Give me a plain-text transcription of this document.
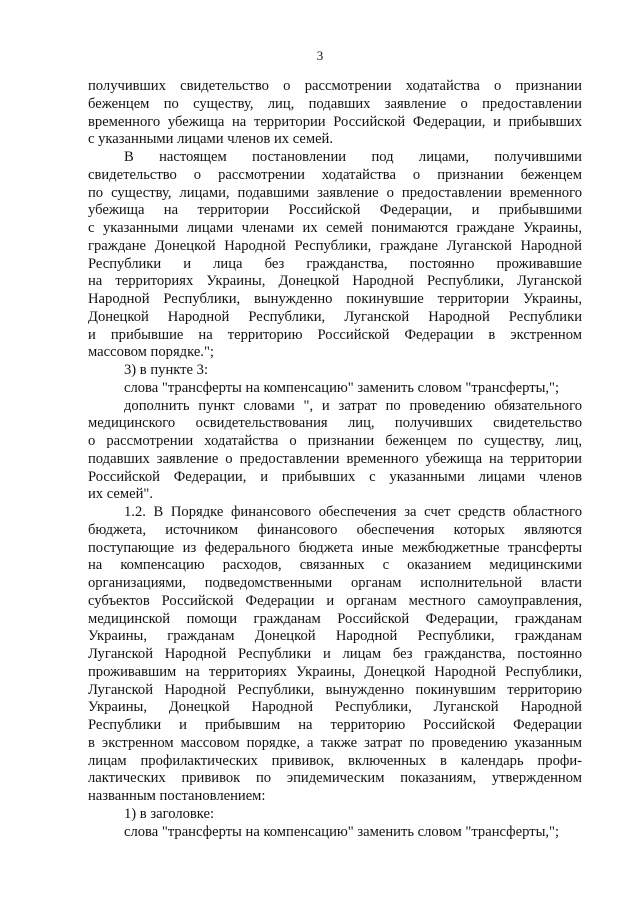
3
получивших свидетельство о рассмотрении ходатайства о признании
беженцем по существу, лиц, подавших заявление о предоставлении
временного убежища на территории Российской Федерации, и прибывших
с указанными лицами членов их семей.
В настоящем постановлении под лицами, получившими
свидетельство о рассмотрении ходатайства о признании беженцем
по существу, лицами, подавшими заявление о предоставлении временного
убежища на территории Российской Федерации, и прибывшими
с указанными лицами членами их семей понимаются граждане Украины,
граждане Донецкой Народной Республики, граждане Луганской Народной
Республики и лица без гражданства, постоянно проживавшие
на территориях Украины, Донецкой Народной Республики, Луганской
Народной Республики, вынужденно покинувшие территории Украины,
Донецкой Народной Республики, Луганской Народной Республики
и прибывшие на территорию Российской Федерации в экстренном
массовом порядке.";
3) в пункте 3:
слова "трансферты на компенсацию" заменить словом "трансферты,";
дополнить пункт словами ", и затрат по проведению обязательного
медицинского освидетельствования лиц, получивших свидетельство
о рассмотрении ходатайства о признании беженцем по существу, лиц,
подавших заявление о предоставлении временного убежища на территории
Российской Федерации, и прибывших с указанными лицами членов
их семей".
1.2. В Порядке финансового обеспечения за счет средств областного
бюджета, источником финансового обеспечения которых являются
поступающие из федерального бюджета иные межбюджетные трансферты
на компенсацию расходов, связанных с оказанием медицинскими
организациями, подведомственными органам исполнительной власти
субъектов Российской Федерации и органам местного самоуправления,
медицинской помощи гражданам Российской Федерации, гражданам
Украины, гражданам Донецкой Народной Республики, гражданам
Луганской Народной Республики и лицам без гражданства, постоянно
проживавшим на территориях Украины, Донецкой Народной Республики,
Луганской Народной Республики, вынужденно покинувшим территорию
Украины, Донецкой Народной Республики, Луганской Народной
Республики и прибывшим на территорию Российской Федерации
в экстренном массовом порядке, а также затрат по проведению указанным
лицам профилактических прививок, включенных в календарь профи-
лактических прививок по эпидемическим показаниям, утвержденном
названным постановлением:
1) в заголовке:
слова "трансферты на компенсацию" заменить словом "трансферты,";
